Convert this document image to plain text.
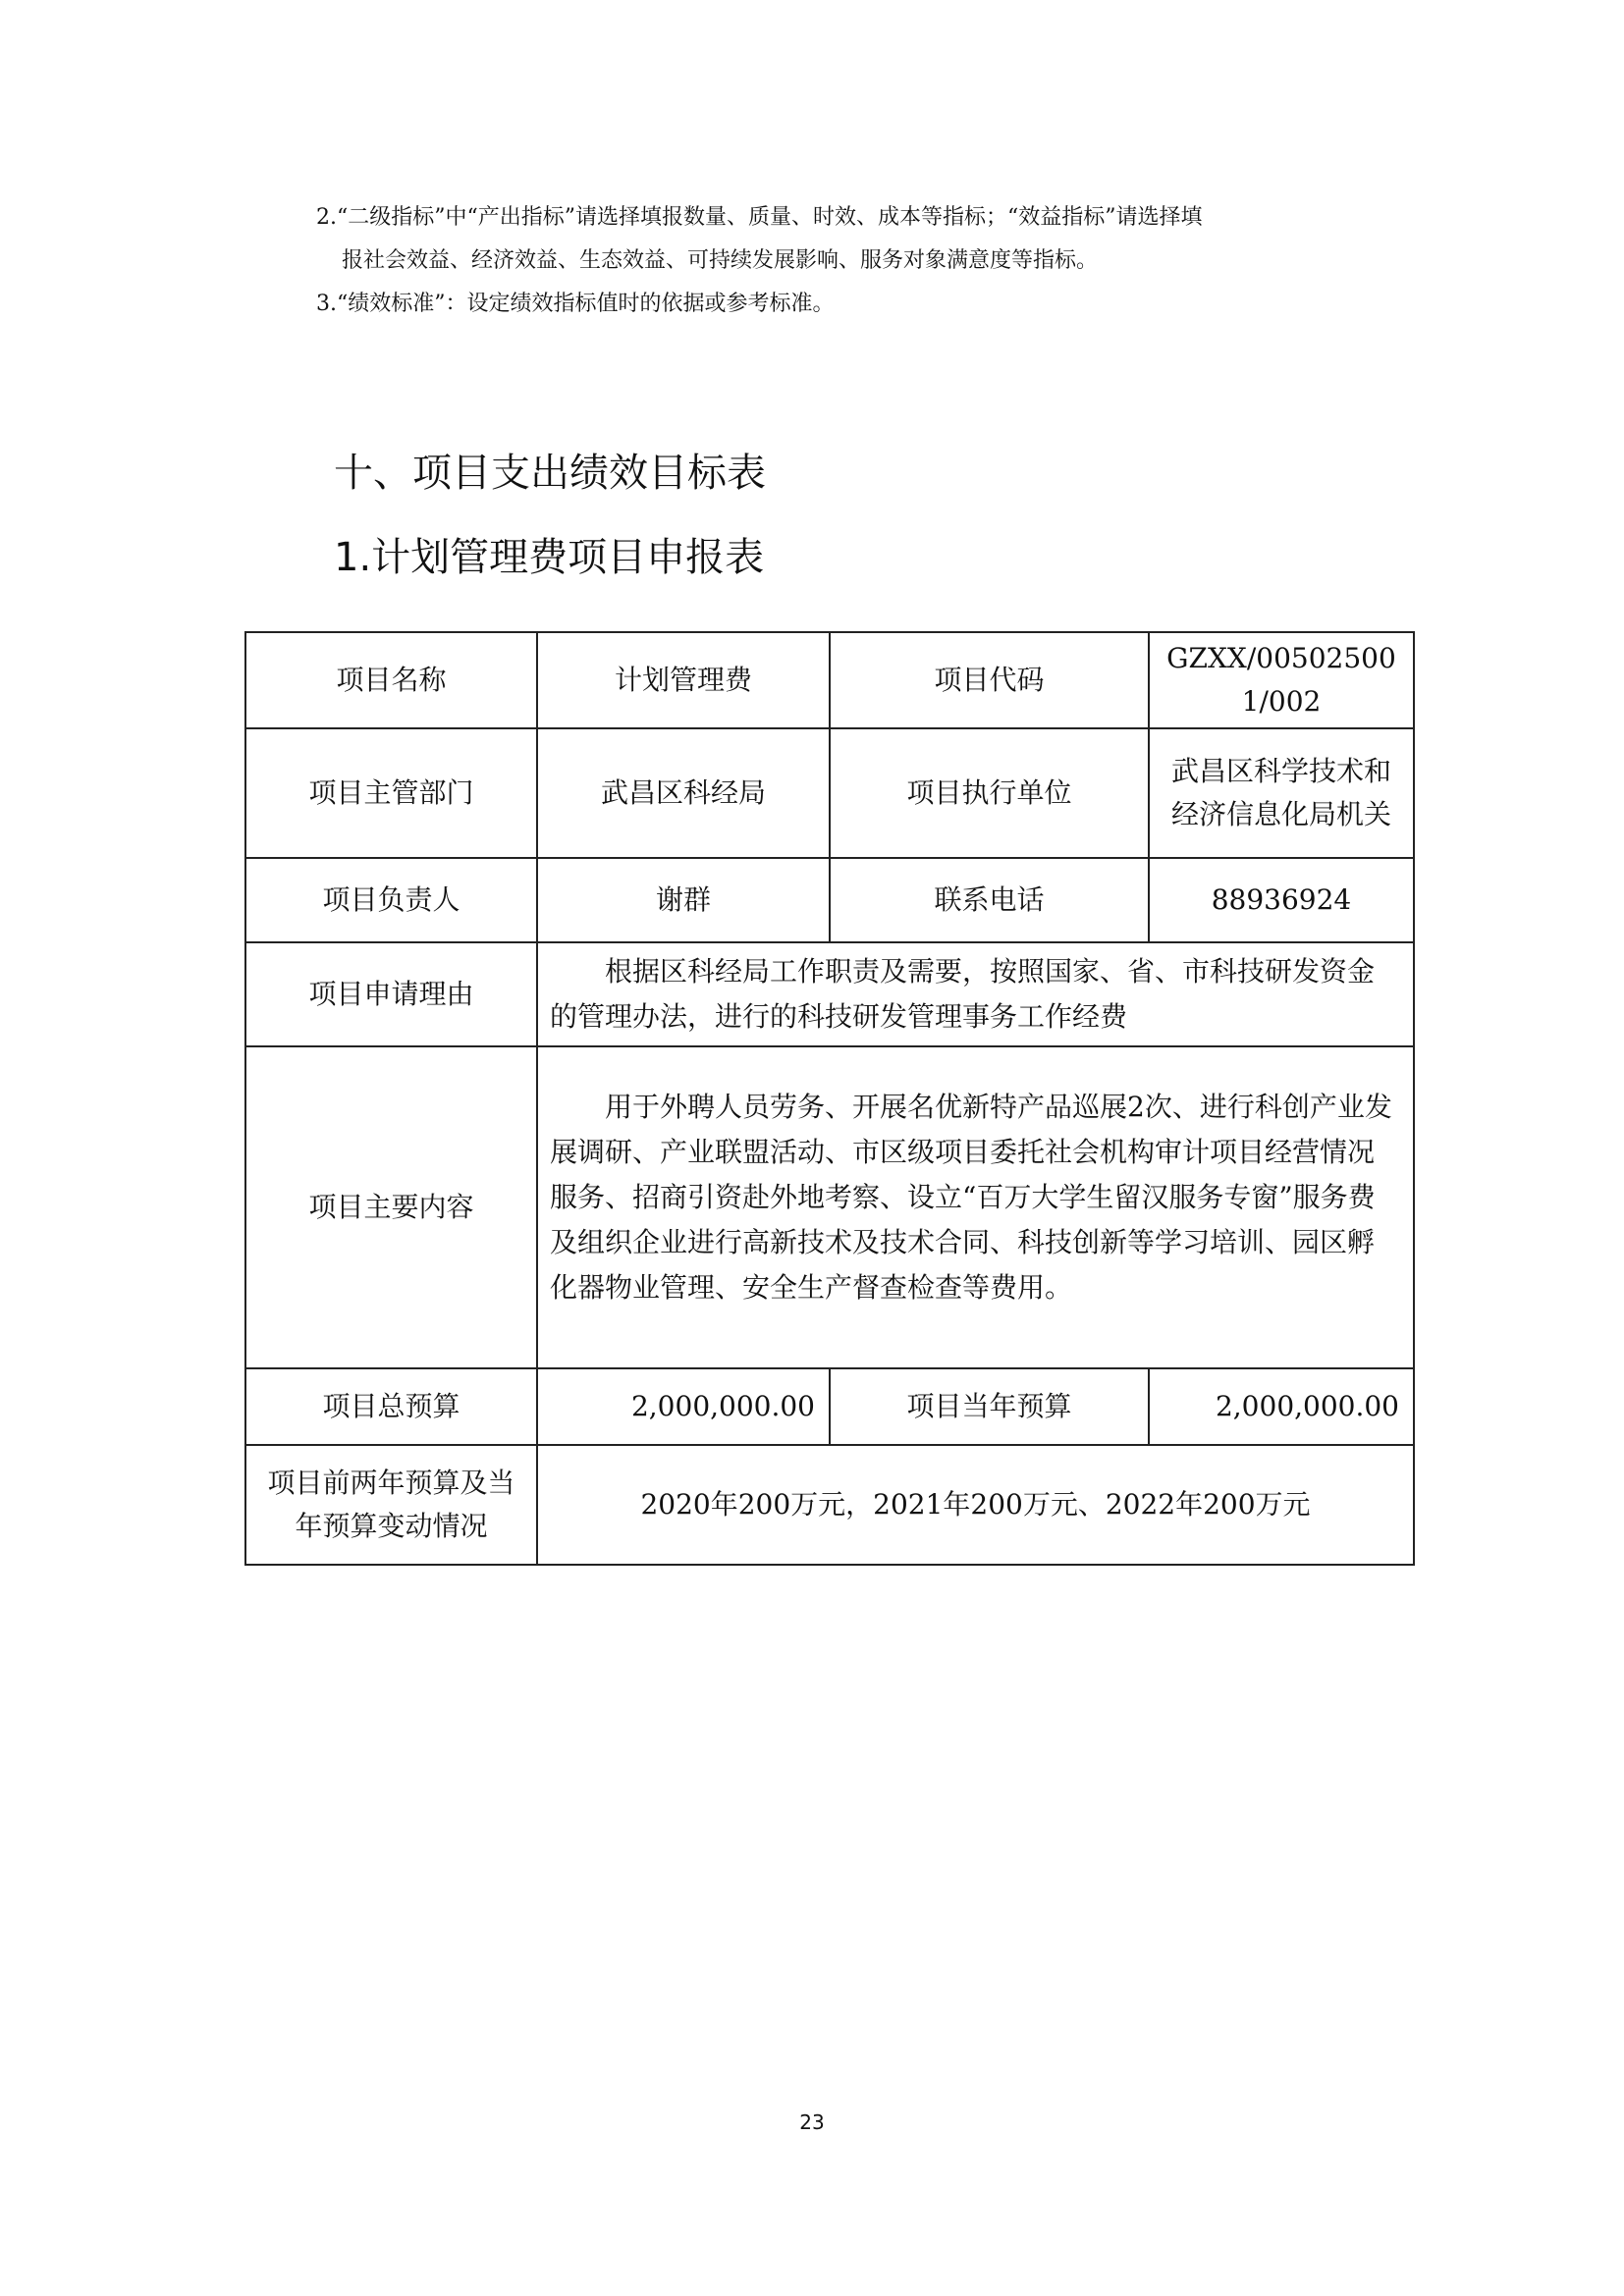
2.“二级指标”中“产出指标”请选择填报数量、质量、时效、成本等指标；“效益指标”请选择填

报社会效益、经济效益、生态效益、可持续发展影响、服务对象满意度等指标。

3.“绩效标准”：设定绩效指标值时的依据或参考标准。

十、项目支出绩效目标表
1.计划管理费项目申报表
项目名称	计划管理费	项目代码	GZXX/005025001/002
项目主管部门	武昌区科经局	项目执行单位	武昌区科学技术和经济信息化局机关
项目负责人	谢群	联系电话	88936924
项目申请理由	根据区科经局工作职责及需要，按照国家、省、市科技研发资金的管理办法，进行的科技研发管理事务工作经费		
项目主要内容	用于外聘人员劳务、开展名优新特产品巡展2次、进行科创产业发展调研、产业联盟活动、市区级项目委托社会机构审计项目经营情况服务、招商引资赴外地考察、设立“百万大学生留汉服务专窗”服务费及组织企业进行高新技术及技术合同、科技创新等学习培训、园区孵化器物业管理、安全生产督查检查等费用。		
项目总预算	2,000,000.00	项目当年预算	2,000,000.00
项目前两年预算及当年预算变动情况	2020年200万元，2021年200万元、2022年200万元		
23
